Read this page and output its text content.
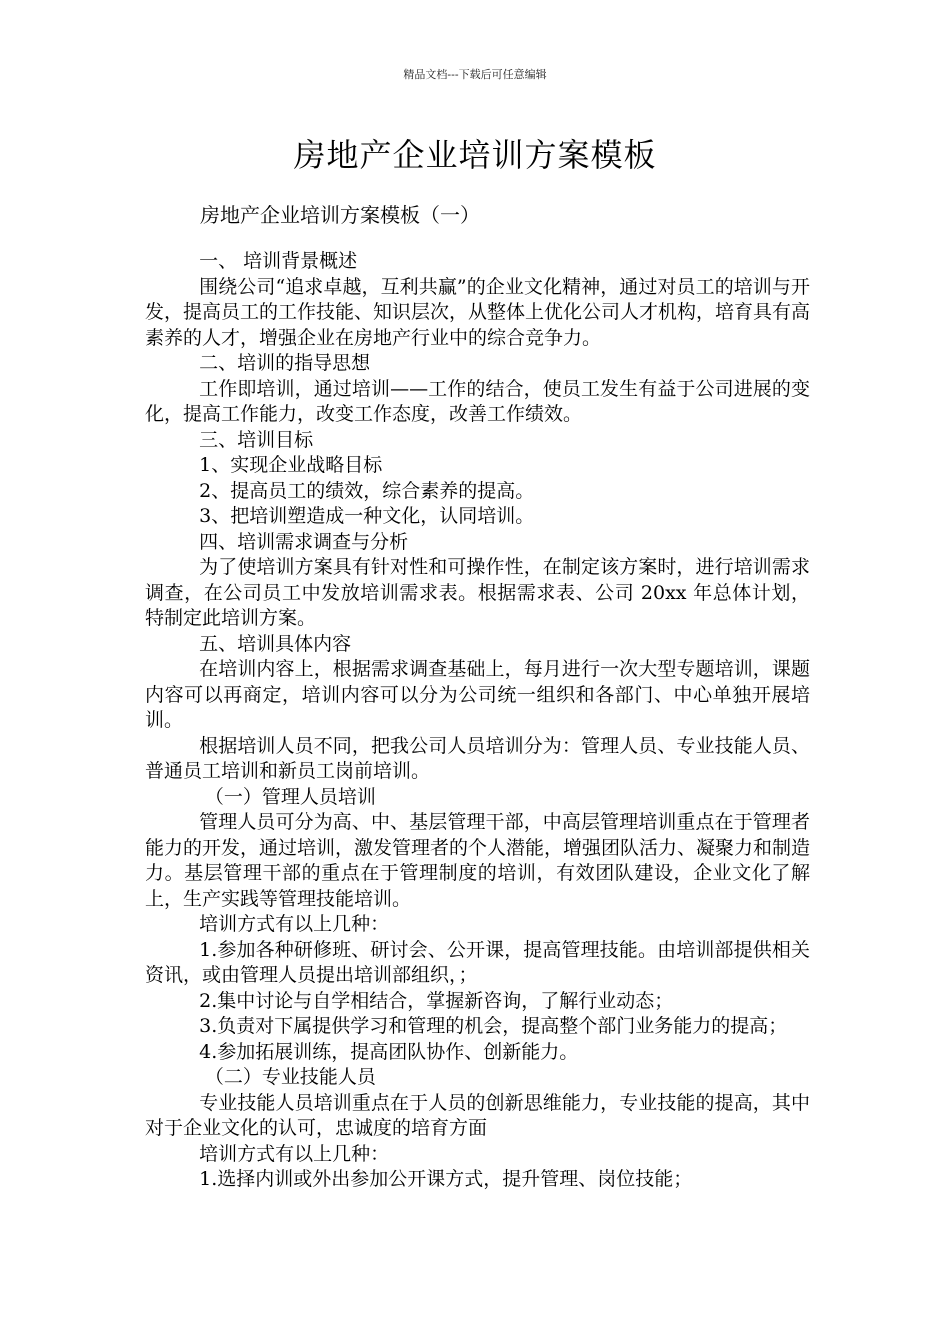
精品文档---下载后可任意编辑
房地产企业培训方案模板
房地产企业培训方案模板（一）

一、 培训背景概述

围绕公司“追求卓越，互利共赢”的企业文化精神，通过对员工的培训与开发，提高员工的工作技能、知识层次，从整体上优化公司人才机构，培育具有高素养的人才，增强企业在房地产行业中的综合竞争力。

二、培训的指导思想

工作即培训，通过培训——工作的结合，使员工发生有益于公司进展的变化，提高工作能力，改变工作态度，改善工作绩效。

三、培训目标

1、实现企业战略目标

2、提高员工的绩效，综合素养的提高。

3、把培训塑造成一种文化，认同培训。

四、培训需求调查与分析

为了使培训方案具有针对性和可操作性，在制定该方案时，进行培训需求调查，在公司员工中发放培训需求表。根据需求表、公司 20xx 年总体计划，特制定此培训方案。

五、培训具体内容

在培训内容上，根据需求调查基础上，每月进行一次大型专题培训，课题内容可以再商定，培训内容可以分为公司统一组织和各部门、中心单独开展培训。

根据培训人员不同，把我公司人员培训分为：管理人员、专业技能人员、普通员工培训和新员工岗前培训。

（一）管理人员培训

管理人员可分为高、中、基层管理干部，中高层管理培训重点在于管理者能力的开发，通过培训，激发管理者的个人潜能，增强团队活力、凝聚力和制造力。基层管理干部的重点在于管理制度的培训，有效团队建设，企业文化了解上，生产实践等管理技能培训。

培训方式有以上几种：

1.参加各种研修班、研讨会、公开课，提高管理技能。由培训部提供相关资讯，或由管理人员提出培训部组织，；

2.集中讨论与自学相结合，掌握新咨询，了解行业动态；

3.负责对下属提供学习和管理的机会，提高整个部门业务能力的提高；

4.参加拓展训练，提高团队协作、创新能力。

（二）专业技能人员

专业技能人员培训重点在于人员的创新思维能力，专业技能的提高，其中对于企业文化的认可，忠诚度的培育方面

培训方式有以上几种：

1.选择内训或外出参加公开课方式，提升管理、岗位技能；
